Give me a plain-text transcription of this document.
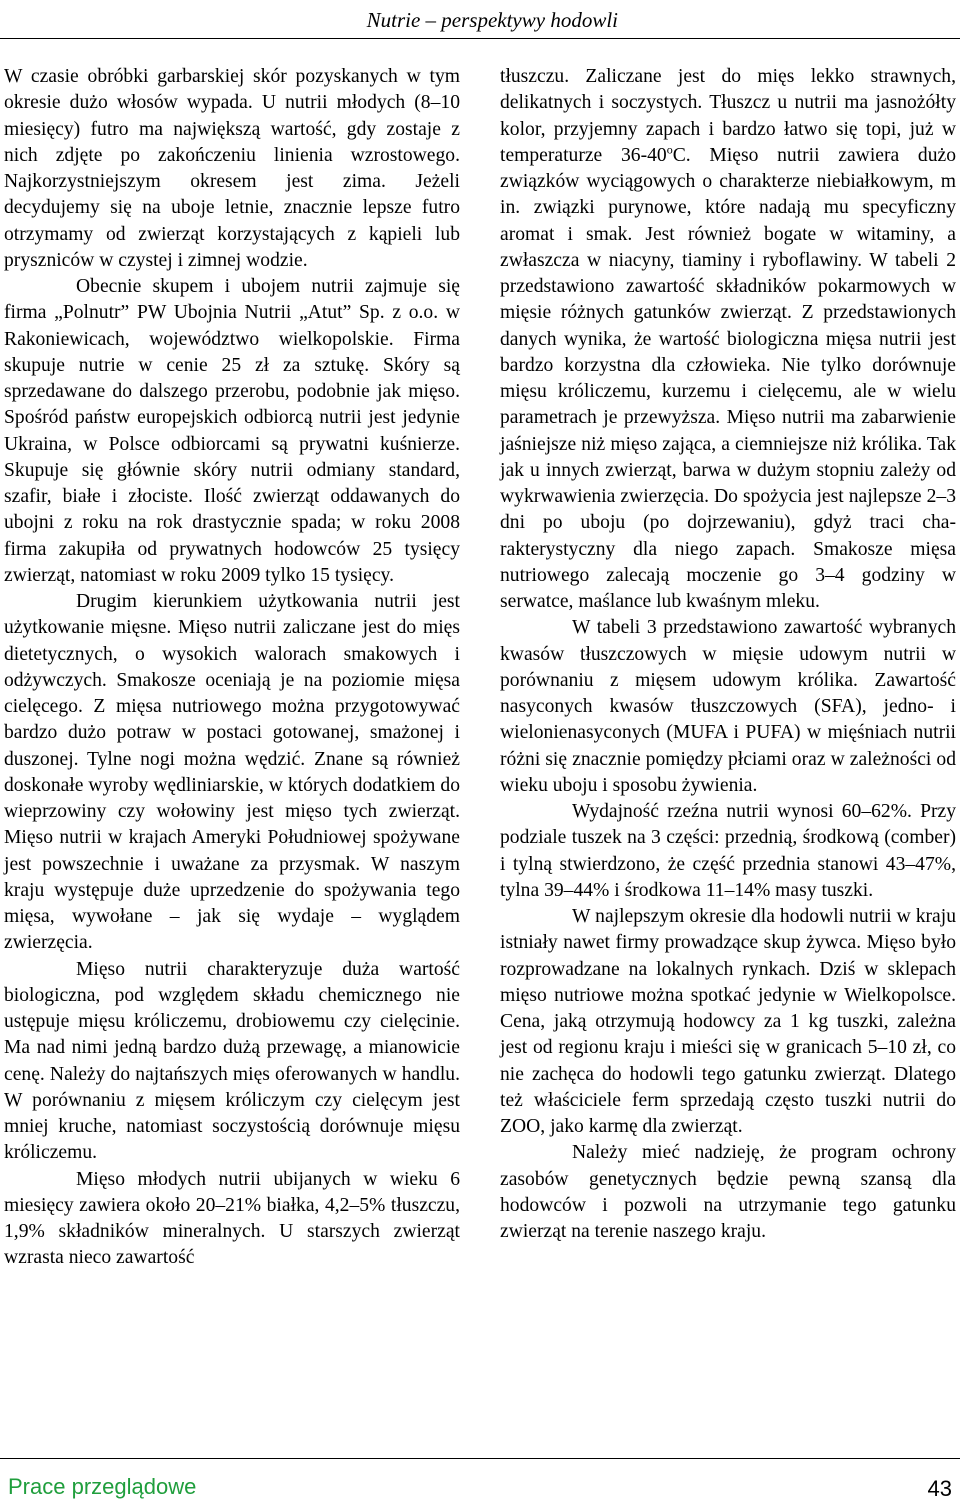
Nutrie – perspektywy hodowli

W czasie obróbki garbarskiej skór pozyskanych w tym okresie dużo włosów wypada. U nutrii młodych (8–10 miesięcy) futro ma największą wartość, gdy zostaje z nich zdjęte po zakończeniu linienia wzrostowego. Najkorzystniejszym okresem jest zima. Jeżeli decydujemy się na uboje letnie, znacznie lepsze futro otrzymamy od zwierząt korzystających z kąpieli lub pryszniców w czystej i zimnej wodzie.

Obecnie skupem i ubojem nutrii zajmuje się firma „Polnutr” PW Ubojnia Nutrii „Atut” Sp. z o.o. w Rakoniewicach, województwo wielkopolskie. Firma skupuje nutrie w cenie 25 zł za sztukę. Skóry są sprzedawane do dalszego przerobu, podobnie jak mięso. Spośród państw europejskich odbiorcą nutrii jest jedynie Ukraina, w Polsce odbiorcami są prywatni kuśnierze. Skupuje się głównie skóry nutrii odmiany standard, szafir, białe i złociste. Ilość zwierząt oddawanych do ubojni z roku na rok drastycznie spada; w roku 2008 firma zakupiła od prywatnych hodowców 25 tysięcy zwierząt, natomiast w roku 2009 tylko 15 tysięcy.

Drugim kierunkiem użytkowania nutrii jest użytkowanie mięsne. Mięso nutrii zaliczane jest do mięs dietetycznych, o wysokich walorach smakowych i odżywczych. Smakosze oceniają je na poziomie mięsa cielęcego. Z mięsa nutriowego można przygotowywać bardzo dużo potraw w postaci gotowanej, smażonej i duszonej. Tylne nogi można wędzić. Znane są również doskonałe wyroby wędliniarskie, w których dodatkiem do wieprzowiny czy wołowiny jest mięso tych zwierząt. Mięso nutrii w krajach Ameryki Południowej spożywane jest powszechnie i uważane za przysmak. W naszym kraju występuje duże uprzedzenie do spożywania tego mięsa, wywołane – jak się wydaje – wyglądem zwierzęcia.

Mięso nutrii charakteryzuje duża wartość biologiczna, pod względem składu chemicznego nie ustępuje mięsu króliczemu, drobiowemu czy cielęcinie. Ma nad nimi jedną bardzo dużą przewagę, a mianowicie cenę. Należy do najtańszych mięs oferowanych w handlu. W porównaniu z mięsem króliczym czy cielęcym jest mniej kruche, natomiast soczystością dorównuje mięsu króliczemu.

Mięso młodych nutrii ubijanych w wieku 6 miesięcy zawiera około 20–21% białka, 4,2–5% tłuszczu, 1,9% składników mineralnych. U starszych zwierząt wzrasta nieco zawartość

tłuszczu. Zaliczane jest do mięs lekko strawnych, delikatnych i soczystych. Tłuszcz u nutrii ma jasnożółty kolor, przyjemny zapach i bardzo łatwo się topi, już w temperaturze 36-40$^o$C. Mięso nutrii zawiera dużo związków wyciągowych o charakterze niebiałkowym, m in. związki purynowe, które nadają mu specyficzny aromat i smak. Jest również bogate w witaminy, a zwłaszcza w niacyny, tiaminy i ryboflawiny. W tabeli 2 przedstawiono zawartość składników pokarmowych w mięsie różnych gatunków zwierząt. Z przedstawionych danych wynika, że wartość biologiczna mięsa nutrii jest bardzo korzystna dla człowieka. Nie tylko dorównuje mięsu króliczemu, kurzemu i cielęcemu, ale w wielu parametrach je przewyższa. Mięso nutrii ma zabarwienie jaśniejsze niż mięso zająca, a ciemniejsze niż królika. Tak jak u innych zwierząt, barwa w dużym stopniu zależy od wykrwawienia zwierzęcia. Do spożycia jest najlepsze 2–3 dni po uboju (po dojrzewaniu), gdyż traci charakterystyczny dla niego zapach. Smakosze mięsa nutriowego zalecają moczenie go 3–4 godziny w serwatce, maślance lub kwaśnym mleku.

W tabeli 3 przedstawiono zawartość wybranych kwasów tłuszczowych w mięsie udowym nutrii w porównaniu z mięsem udowym królika. Zawartość nasyconych kwasów tłuszczowych (SFA), jedno- i wielonienasyconych (MUFA i PUFA) w mięśniach nutrii różni się znacznie pomiędzy płciami oraz w zależności od wieku uboju i sposobu żywienia.

Wydajność rzeźna nutrii wynosi 60–62%. Przy podziale tuszek na 3 części: przednią, środkową (comber) i tylną stwierdzono, że część przednia stanowi 43–47%, tylna 39–44% i środkowa 11–14% masy tuszki.

W najlepszym okresie dla hodowli nutrii w kraju istniały nawet firmy prowadzące skup żywca. Mięso było rozprowadzane na lokalnych rynkach. Dziś w sklepach mięso nutriowe można spotkać jedynie w Wielkopolsce. Cena, jaką otrzymują hodowcy za 1 kg tuszki, zależna jest od regionu kraju i mieści się w granicach 5–10 zł, co nie zachęca do hodowli tego gatunku zwierząt. Dlatego też właściciele ferm sprzedają często tuszki nutrii do ZOO, jako karmę dla zwierząt.

Należy mieć nadzieję, że program ochrony zasobów genetycznych będzie pewną szansą dla hodowców i pozwoli na utrzymanie tego gatunku zwierząt na terenie naszego kraju.

Prace przeglądowe	43
